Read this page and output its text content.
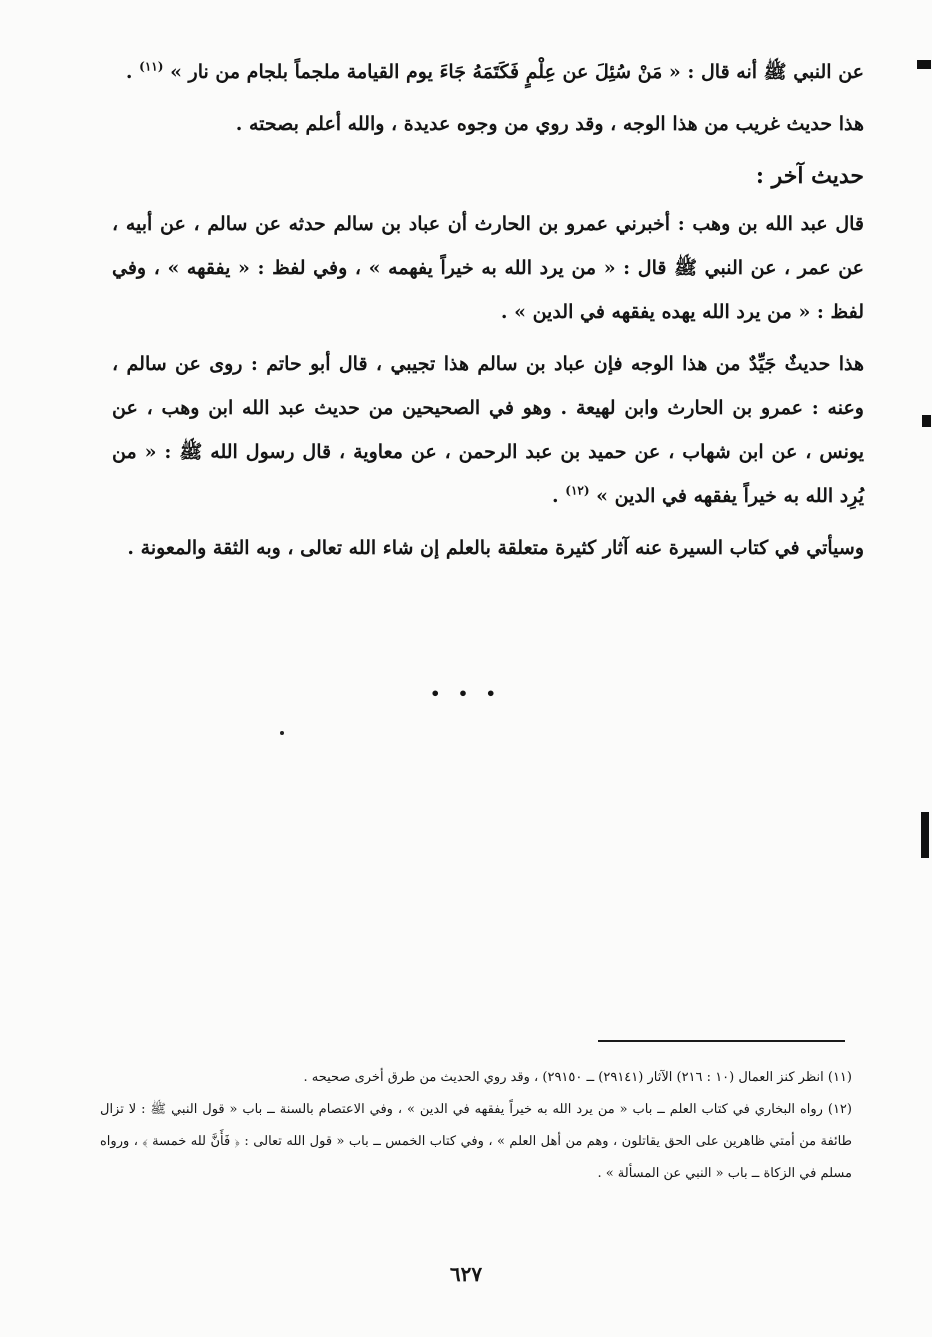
عن النبي ﷺ أنه قال : « مَنْ سُئِلَ عن عِلْمٍ فَكَتَمَهُ جَاءَ يوم القيامة ملجماً بلجام من نار » $^{(١١)}$ .

هذا حديث غريب من هذا الوجه ، وقد روي من وجوه عديدة ، والله أعلم بصحته .

حديث آخر :

قال عبد الله بن وهب : أخبرني عمرو بن الحارث أن عباد بن سالم حدثه عن سالم ، عن أبيه ، عن عمر ، عن النبي ﷺ قال : « من يرد الله به خيراً يفهمه » ، وفي لفظ : « يفقهه » ، وفي لفظ : « من يرد الله يهده يفقهه في الدين » .

هذا حديثٌ جَيِّدٌ من هذا الوجه فإن عباد بن سالم هذا تجيبي ، قال أبو حاتم : روى عن سالم ، وعنه : عمرو بن الحارث وابن لهيعة . وهو في الصحيحين من حديث عبد الله ابن وهب ، عن يونس ، عن ابن شهاب ، عن حميد بن عبد الرحمن ، عن معاوية ، قال رسول الله ﷺ : « من يُرِد الله به خيراً يفقهه في الدين » $^{(١٢)}$ .

وسيأتي في كتاب السيرة عنه آثار كثيرة متعلقة بالعلم إن شاء الله تعالى ، وبه الثقة والمعونة .

• • •

(١١) انظر كنز العمال (١٠ : ٢١٦) الآثار (٢٩١٤١) ــ ٢٩١٥٠) ، وقد روي الحديث من طرق أخرى صحيحه .

(١٢) رواه البخاري في كتاب العلم ــ باب « من يرد الله به خيراً يفقهه في الدين » ، وفي الاعتصام بالسنة ــ باب « قول النبي ﷺ : لا تزال طائفة من أمتي ظاهرين على الحق يقاتلون ، وهم من أهل العلم » ، وفي كتاب الخمس ــ باب « قول الله تعالى : ﴿ فَأَنَّ لله خمسة ﴾ ، ورواه مسلم في الزكاة ــ باب « النبي عن المسألة » .

٦٢٧
